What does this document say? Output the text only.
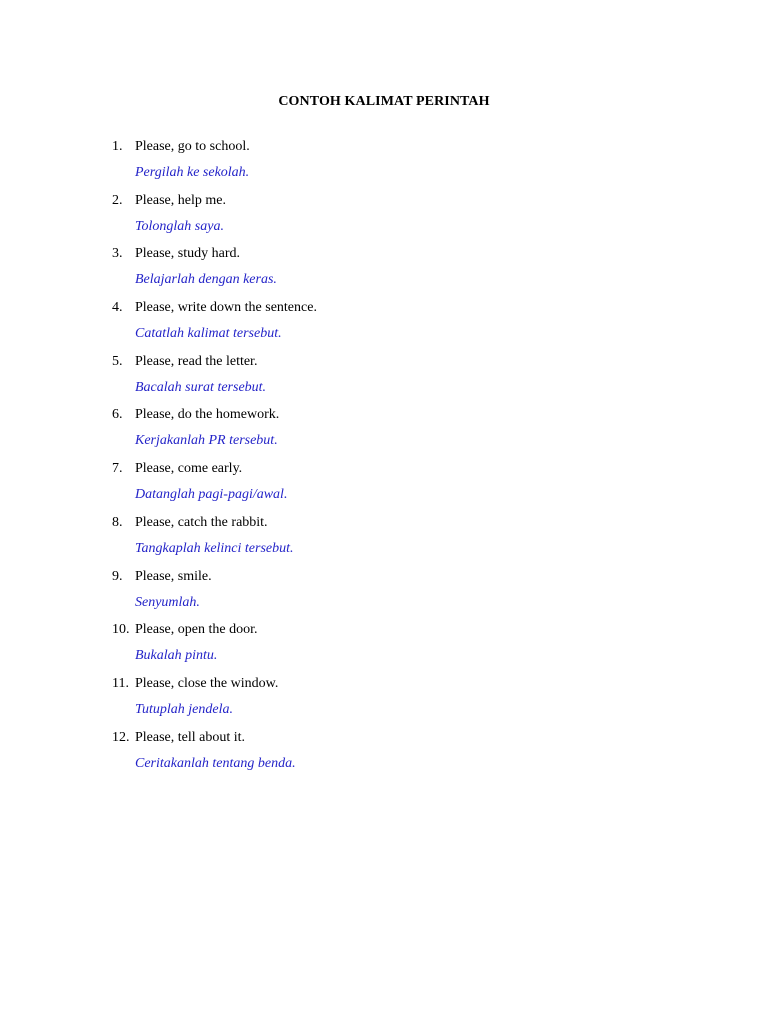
CONTOH KALIMAT PERINTAH
1. Please, go to school.
Pergilah ke sekolah.
2. Please, help me.
Tolonglah saya.
3. Please, study hard.
Belajarlah dengan keras.
4. Please, write down the sentence.
Catatlah kalimat tersebut.
5. Please, read the letter.
Bacalah surat tersebut.
6. Please, do the homework.
Kerjakanlah PR tersebut.
7. Please, come early.
Datanglah pagi-pagi/awal.
8. Please, catch the rabbit.
Tangkaplah kelinci tersebut.
9. Please, smile.
Senyumlah.
10. Please, open the door.
Bukalah pintu.
11. Please, close the window.
Tutuplah jendela.
12. Please, tell about it.
Ceritakanlah tentang benda.
